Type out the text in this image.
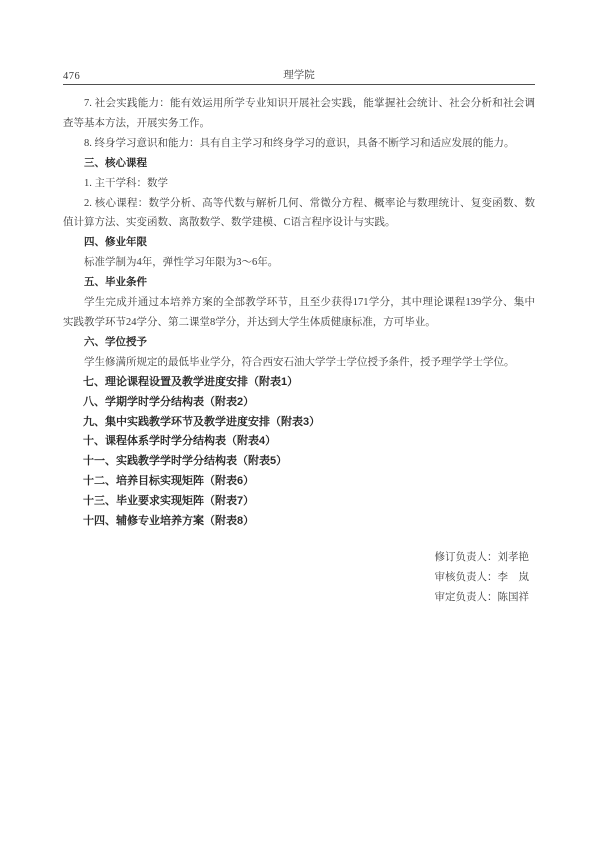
476	理学院

7. 社会实践能力：能有效运用所学专业知识开展社会实践，能掌握社会统计、社会分析和社会调查等基本方法，开展实务工作。

8. 终身学习意识和能力：具有自主学习和终身学习的意识，具备不断学习和适应发展的能力。

三、核心课程

1. 主干学科：数学

2. 核心课程：数学分析、高等代数与解析几何、常微分方程、概率论与数理统计、复变函数、数值计算方法、实变函数、离散数学、数学建模、C语言程序设计与实践。

四、修业年限

标准学制为4年，弹性学习年限为3～6年。

五、毕业条件

学生完成并通过本培养方案的全部教学环节，且至少获得171学分，其中理论课程139学分、集中实践教学环节24学分、第二课堂8学分，并达到大学生体质健康标准，方可毕业。

六、学位授予

学生修满所规定的最低毕业学分，符合西安石油大学学士学位授予条件，授予理学学士学位。

七、理论课程设置及教学进度安排（附表1）

八、学期学时学分结构表（附表2）

九、集中实践教学环节及教学进度安排（附表3）

十、课程体系学时学分结构表（附表4）

十一、实践教学学时学分结构表（附表5）

十二、培养目标实现矩阵（附表6）

十三、毕业要求实现矩阵（附表7）

十四、辅修专业培养方案（附表8）

修订负责人：刘孝艳
审核负责人：李　岚
审定负责人：陈国祥
